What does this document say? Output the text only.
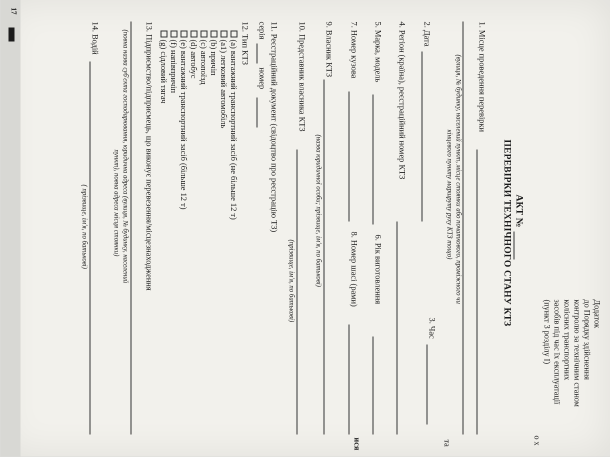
Додаток
до Порядку здійснення
контролю за технічним станом
колісних транспортних
засобів під час їх експлуатації
(пункт 3 розділу I)
АКТ №
ПЕРЕВІРКИ ТЕХНІЧНОГО СТАНУ КТЗ
1. Місце проведення перевірки
(вулиця, № будинку, населений пункт, місце стоянки або початкового, проміжного чи
кінцевого пункту маршруту руху КТЗ тощо)
2. Дата
3. Час
4. Регіон (країна), реєстраційний номер КТЗ
5. Марка, модель
6. Рік виготовлення
7. Номер кузова
8. Номер шасі (рами)
9. Власник КТЗ
(назва юридичної особи; прізвище, ім'я, по батькові)
10. Представник власника КТЗ
(прізвище, ім'я, по батькові)
11. Реєстраційний документ (свідоцтво про реєстрацію ТЗ)
серія
номер
12. Тип КТЗ
(a) вантажний транспортний засіб (не більше 12 т)
(a1) легковий автомобіль
(b) причіп
(c) автопоїзд
(d) автобус
(e) вантажний транспортний засіб (більше 12 т)
(f) напівпричіп
(g) сідловий тягач
13. Підприємство/підприємець, що виконує перевезення/місцезнаходження
(повна назва суб'єкта господарювання, юридична адреса (вулиця, № будинку, населений
пункт), повна адреса місця стоянки)
14. Водій
( прізвище, ім'я, по батькові)
о х
та
ися
17
